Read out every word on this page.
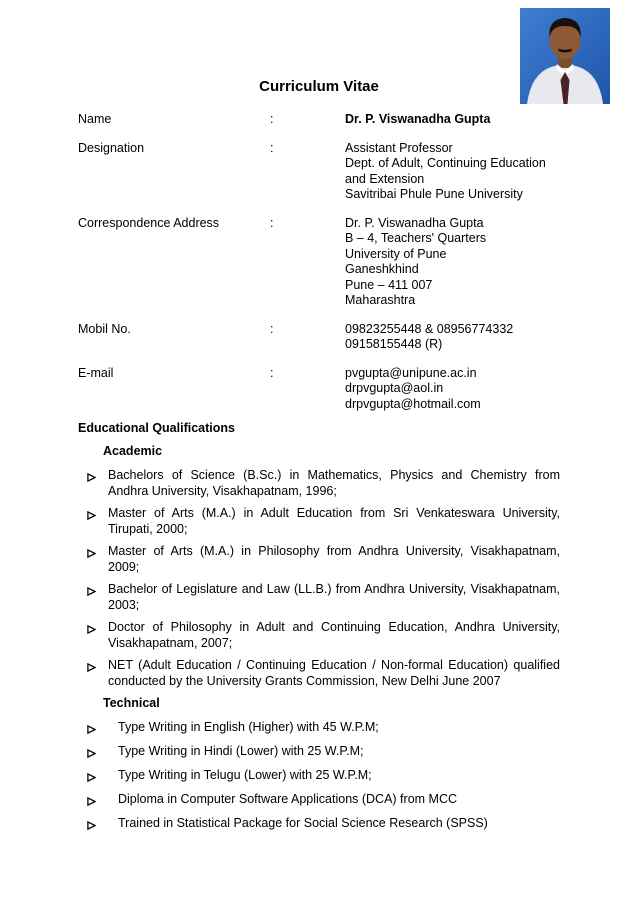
Curriculum Vitae
Name	:	Dr. P. Viswanadha Gupta
Designation	:	Assistant Professor
Dept. of Adult, Continuing Education
and Extension
Savitribai Phule Pune University
Correspondence Address	:	Dr. P. Viswanadha Gupta
B – 4, Teachers' Quarters
University of Pune
Ganeshkhind
Pune – 411 007
Maharashtra
Mobil No.	:	09823255448 & 08956774332
09158155448 (R)
E-mail	:	pvgupta@unipune.ac.in
drpvgupta@aol.in
drpvgupta@hotmail.com
Educational Qualifications
Academic
Bachelors of Science (B.Sc.) in Mathematics, Physics and Chemistry from Andhra University, Visakhapatnam, 1996;
Master of Arts (M.A.) in Adult Education from Sri Venkateswara University, Tirupati, 2000;
Master of Arts (M.A.) in Philosophy from Andhra University, Visakhapatnam, 2009;
Bachelor of Legislature and Law (LL.B.) from Andhra University, Visakhapatnam, 2003;
Doctor of Philosophy in Adult and Continuing Education, Andhra University, Visakhapatnam, 2007;
NET (Adult Education / Continuing Education / Non-formal Education) qualified conducted by the University Grants Commission, New Delhi June 2007
Technical
Type Writing in English (Higher) with 45 W.P.M;
Type Writing in Hindi (Lower) with 25 W.P.M;
Type Writing in Telugu (Lower) with 25 W.P.M;
Diploma in Computer Software Applications (DCA) from MCC
Trained in Statistical Package for Social Science Research (SPSS)
